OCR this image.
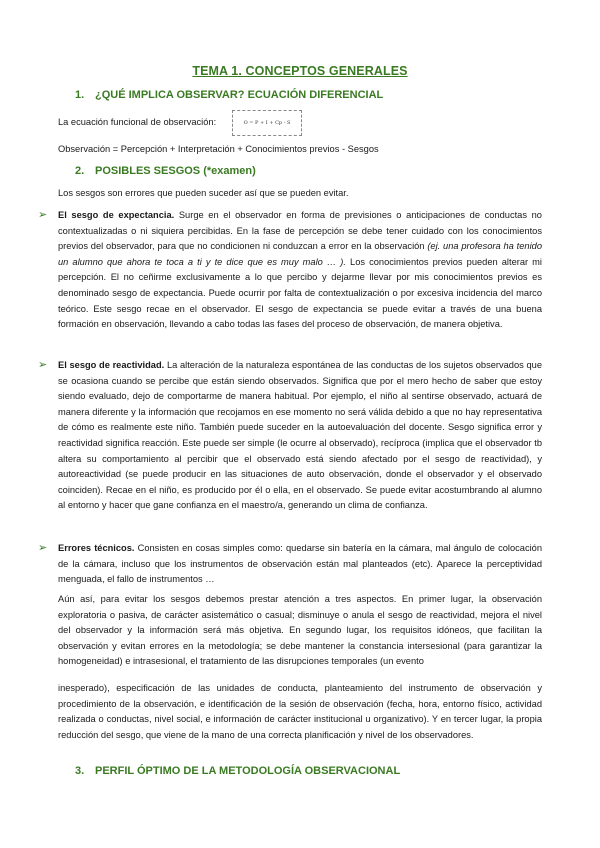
TEMA 1. CONCEPTOS GENERALES
1. ¿QUÉ IMPLICA OBSERVAR? ECUACIÓN DIFERENCIAL
La ecuación funcional de observación:	O = P + I + Cp - S
Observación = Percepción + Interpretación + Conocimientos previos - Sesgos
2. POSIBLES SESGOS (*examen)
Los sesgos son errores que pueden suceder así que se pueden evitar.
➢	El sesgo de expectancia. Surge en el observador en forma de previsiones o anticipaciones de conductas no contextualizadas o ni siquiera percibidas. En la fase de percepción se debe tener cuidado con los conocimientos previos del observador, para que no condicionen ni conduzcan a error en la observación (ej. una profesora ha tenido un alumno que ahora te toca a ti y te dice que es muy malo … ). Los conocimientos previos pueden alterar mi percepción. El no ceñirme exclusivamente a lo que percibo y dejarme llevar por mis conocimientos previos es denominado sesgo de expectancia. Puede ocurrir por falta de contextualización o por excesiva incidencia del marco teórico. Este sesgo recae en el observador. El sesgo de expectancia se puede evitar a través de una buena formación en observación, llevando a cabo todas las fases del proceso de observación, de manera objetiva.
➢	El sesgo de reactividad. La alteración de la naturaleza espontánea de las conductas de los sujetos observados que se ocasiona cuando se percibe que están siendo observados. Significa que por el mero hecho de saber que estoy siendo evaluado, dejo de comportarme de manera habitual. Por ejemplo, el niño al sentirse observado, actuará de manera diferente y la información que recojamos en ese momento no será válida debido a que no hay representativa de cómo es realmente este niño. También puede suceder en la autoevaluación del docente. Sesgo significa error y reactividad significa reacción. Este puede ser simple (le ocurre al observado), recíproca (implica que el observador tb altera su comportamiento al percibir que el observado está siendo afectado por el sesgo de reactividad), y autoreactividad (se puede producir en las situaciones de auto observación, donde el observador y el observado coinciden). Recae en el niño, es producido por él o ella, en el observado. Se puede evitar acostumbrando al alumno al entorno y hacer que gane confianza en el maestro/a, generando un clima de confianza.
➢	Errores técnicos. Consisten en cosas simples como: quedarse sin batería en la cámara, mal ángulo de colocación de la cámara, incluso que los instrumentos de observación están mal planteados (etc). Aparece la perceptividad menguada, el fallo de instrumentos …
Aún así, para evitar los sesgos debemos prestar atención a tres aspectos. En primer lugar, la observación exploratoria o pasiva, de carácter asistemático o casual; disminuye o anula el sesgo de reactividad, mejora el nivel del observador y la información será más objetiva. En segundo lugar, los requisitos idóneos, que facilitan la observación y evitan errores en la metodología; se debe mantener la constancia intersesional (para garantizar la homogeneidad) e intrasesional, el tratamiento de las disrupciones temporales (un evento
inesperado), especificación de las unidades de conducta, planteamiento del instrumento de observación y procedimiento de la observación, e identificación de la sesión de observación (fecha, hora, entorno físico, actividad realizada o conductas, nivel social, e información de carácter institucional u organizativo). Y en tercer lugar, la propia reducción del sesgo, que viene de la mano de una correcta planificación y nivel de los observadores.
3. PERFIL ÓPTIMO DE LA METODOLOGÍA OBSERVACIONAL
